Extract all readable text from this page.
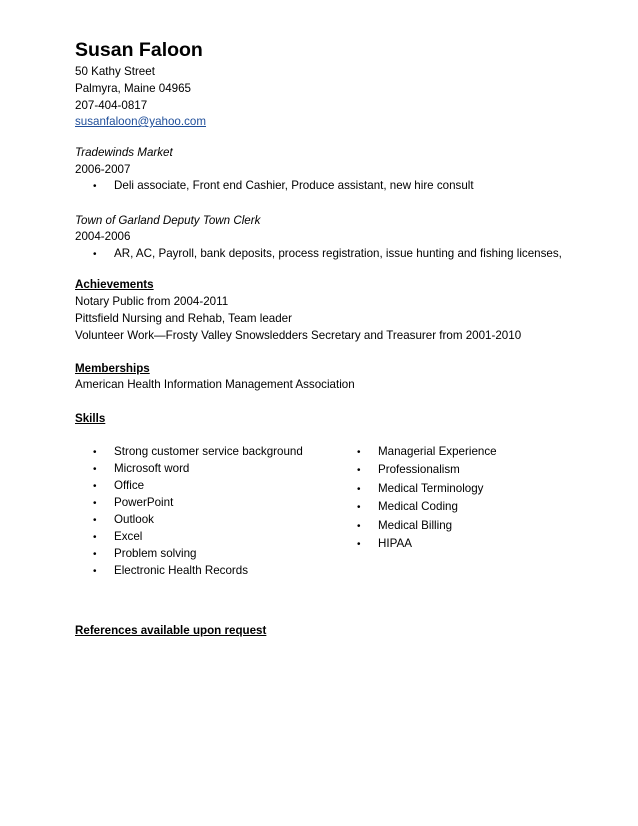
Susan Faloon
50 Kathy Street
Palmyra, Maine 04965
207-404-0817
susanfaloon@yahoo.com
Tradewinds Market
2006-2007
• Deli associate, Front end Cashier, Produce assistant, new hire consult
Town of Garland Deputy Town Clerk
2004-2006
• AR, AC, Payroll, bank deposits, process registration, issue hunting and fishing licenses,
Achievements
Notary Public from 2004-2011
Pittsfield Nursing and Rehab, Team leader
Volunteer Work—Frosty Valley Snowsledders Secretary and Treasurer from 2001-2010
Memberships
American Health Information Management Association
Skills
• Strong customer service background
• Microsoft word
• Office
• PowerPoint
• Outlook
• Excel
• Problem solving
• Electronic Health Records
• Managerial Experience
• Professionalism
• Medical Terminology
• Medical Coding
• Medical Billing
• HIPAA
References available upon request
